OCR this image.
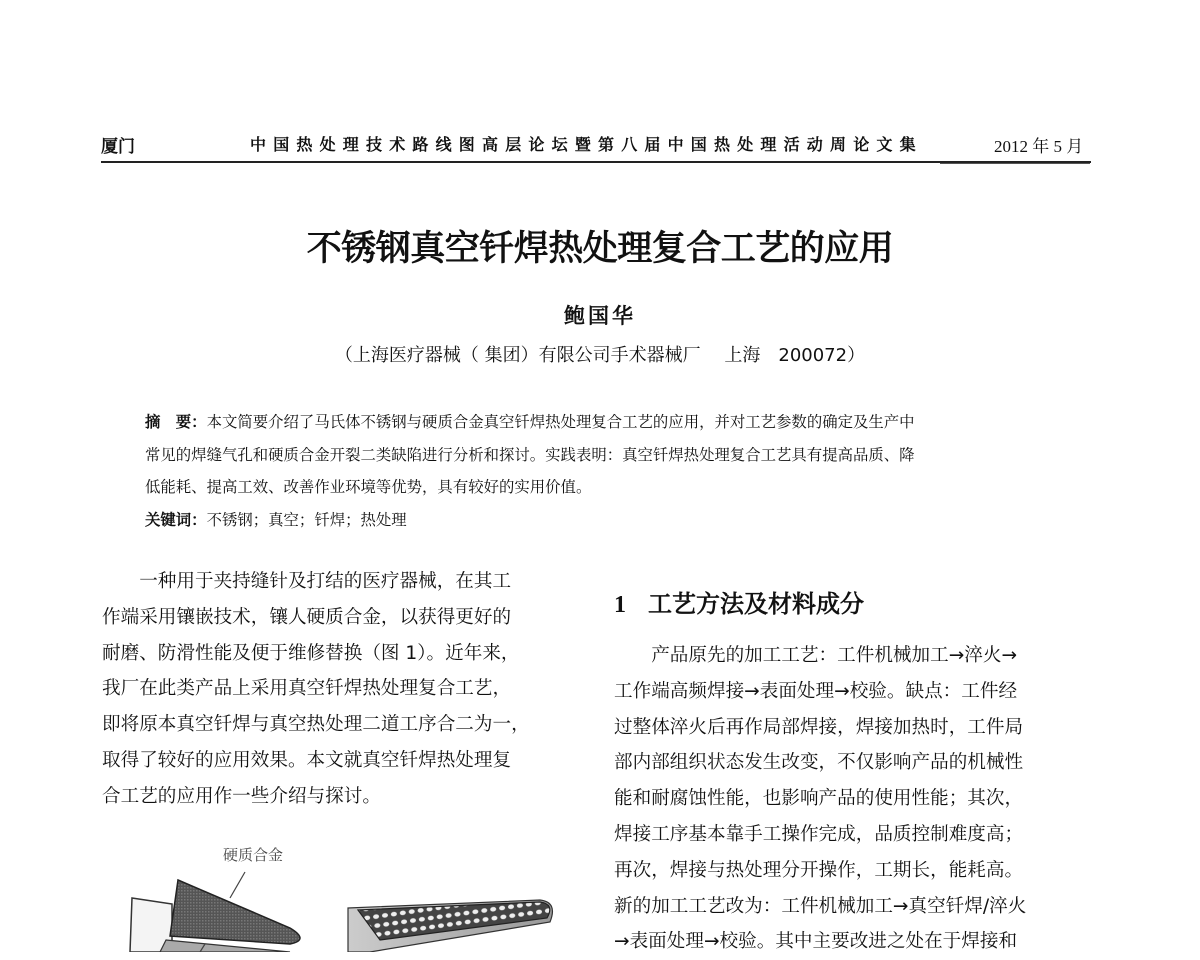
厦门	中国热处理技术路线图高层论坛暨第八届中国热处理活动周论文集	2012 年 5 月
不锈钢真空钎焊热处理复合工艺的应用
鲍国华
（上海医疗器械（ 集团）有限公司手术器械厂　 上海　200072）
摘　要：本文简要介绍了马氏体不锈钢与硬质合金真空钎焊热处理复合工艺的应用，并对工艺参数的确定及生产中
常见的焊缝气孔和硬质合金开裂二类缺陷进行分析和探讨。实践表明：真空钎焊热处理复合工艺具有提高品质、降
低能耗、提高工效、改善作业环境等优势，具有较好的实用价值。
关键词：不锈钢；真空；钎焊；热处理
　　一种用于夹持缝针及打结的医疗器械，在其工
作端采用镶嵌技术，镶人硬质合金，以获得更好的
耐磨、防滑性能及便于维修替换（图 1）。近年来，
我厂在此类产品上采用真空钎焊热处理复合工艺，
即将原本真空钎焊与真空热处理二道工序合二为一，
取得了较好的应用效果。本文就真空钎焊热处理复
合工艺的应用作一些介绍与探讨。
硬质合金
1 工艺方法及材料成分
　　产品原先的加工工艺：工件机械加工→淬火→
工作端高频焊接→表面处理→校验。缺点：工件经
过整体淬火后再作局部焊接，焊接加热时，工件局
部内部组织状态发生改变，不仅影响产品的机械性
能和耐腐蚀性能，也影响产品的使用性能；其次，
焊接工序基本靠手工操作完成，品质控制难度高；
再次，焊接与热处理分开操作，工期长，能耗高。
新的加工工艺改为：工件机械加工→真空钎焊/淬火
→表面处理→校验。其中主要改进之处在于焊接和
